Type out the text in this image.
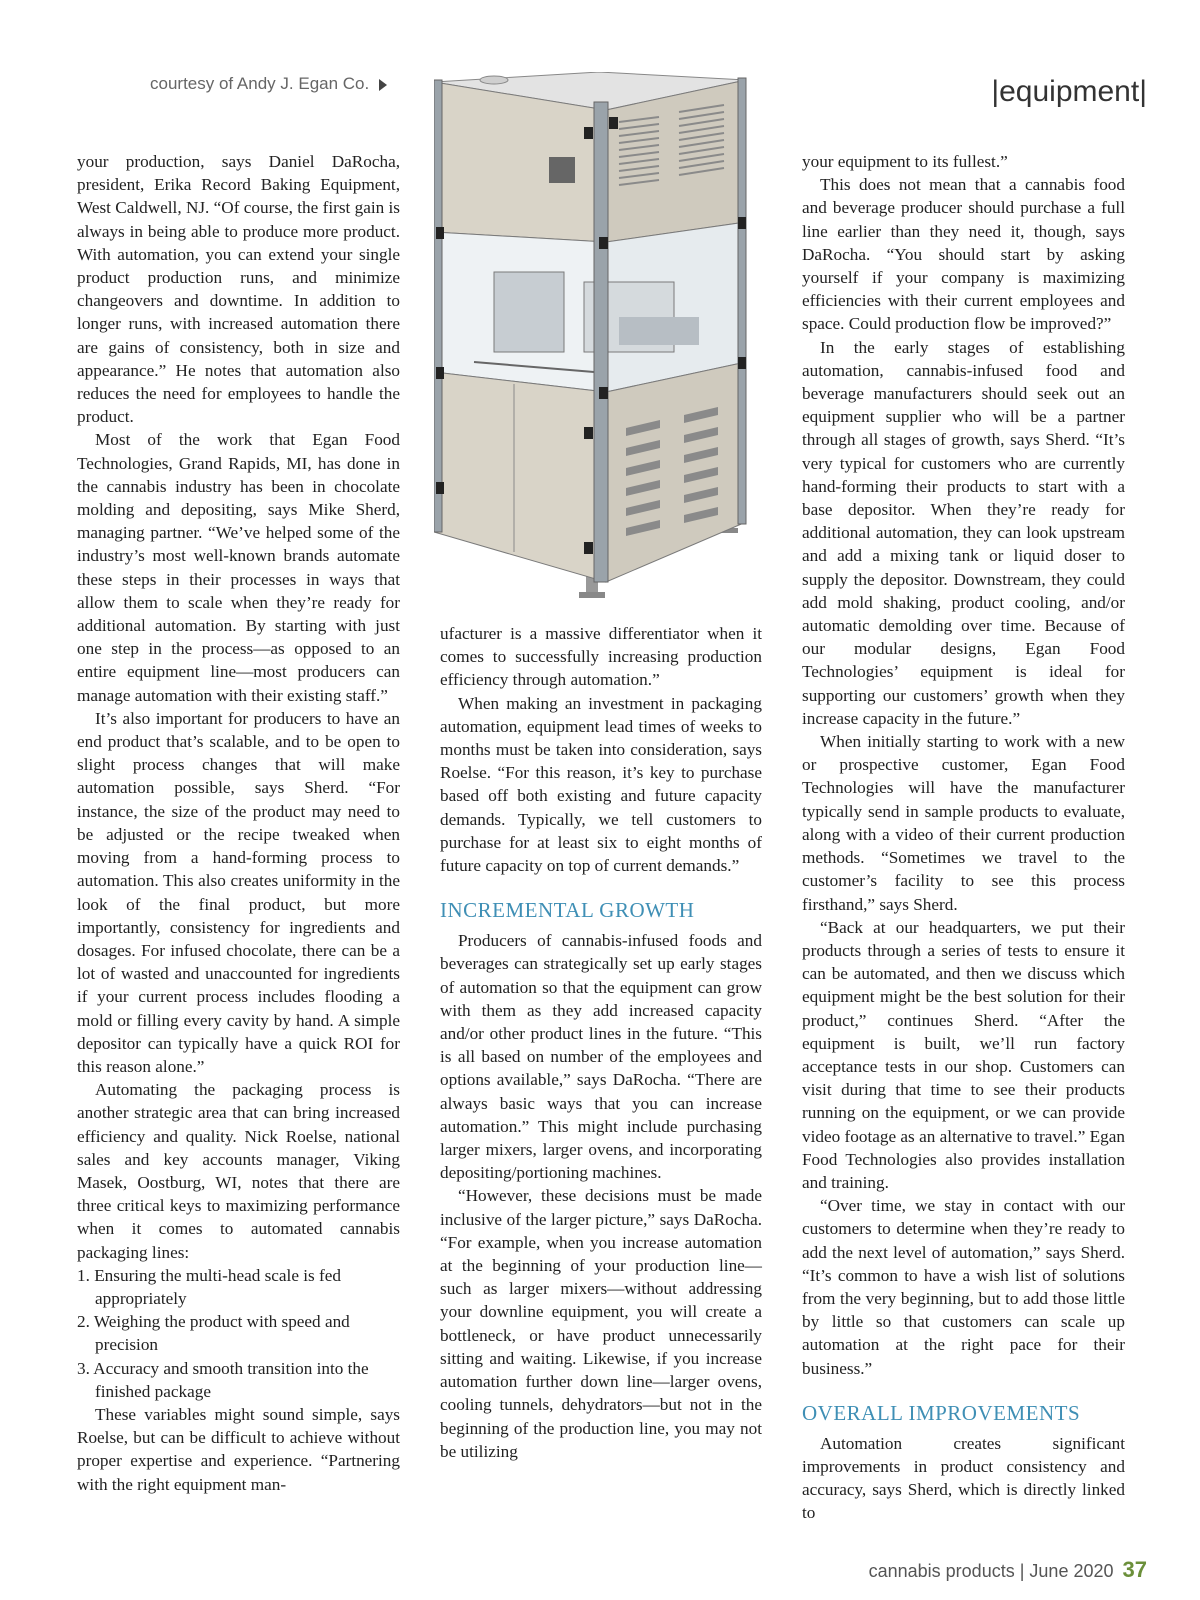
courtesy of Andy J. Egan Co.	|equipment|

your production, says Daniel DaRocha, president, Erika Record Baking Equipment, West Caldwell, NJ. “Of course, the first gain is always in being able to produce more product. With automation, you can extend your single product production runs, and minimize changeovers and downtime. In addition to longer runs, with increased automation there are gains of consistency, both in size and appearance.” He notes that automation also reduces the need for employees to handle the product.

Most of the work that Egan Food Technologies, Grand Rapids, MI, has done in the cannabis industry has been in chocolate molding and depositing, says Mike Sherd, managing partner. “We’ve helped some of the industry’s most well-known brands automate these steps in their processes in ways that allow them to scale when they’re ready for additional automation. By starting with just one step in the process—as opposed to an entire equipment line—most producers can manage automation with their existing staff.”

It’s also important for producers to have an end product that’s scalable, and to be open to slight process changes that will make automation possible, says Sherd. “For instance, the size of the product may need to be adjusted or the recipe tweaked when moving from a hand-forming process to automation. This also creates uniformity in the look of the final product, but more importantly, consistency for ingredients and dosages. For infused chocolate, there can be a lot of wasted and unaccounted for ingredients if your current process includes flooding a mold or filling every cavity by hand. A simple depositor can typically have a quick ROI for this reason alone.”

Automating the packaging process is another strategic area that can bring increased efficiency and quality. Nick Roelse, national sales and key accounts manager, Viking Masek, Oostburg, WI, notes that there are three critical keys to maximizing performance when it comes to automated cannabis packaging lines:

1. Ensuring the multi-head scale is fed appropriately
2. Weighing the product with speed and precision
3. Accuracy and smooth transition into the finished package

These variables might sound simple, says Roelse, but can be difficult to achieve without proper expertise and experience. “Partnering with the right equipment man-

ufacturer is a massive differentiator when it comes to successfully increasing production efficiency through automation.”

When making an investment in packaging automation, equipment lead times of weeks to months must be taken into consideration, says Roelse. “For this reason, it’s key to purchase based off both existing and future capacity demands. Typically, we tell customers to purchase for at least six to eight months of future capacity on top of current demands.”

INCREMENTAL GROWTH

Producers of cannabis-infused foods and beverages can strategically set up early stages of automation so that the equipment can grow with them as they add increased capacity and/or other product lines in the future. “This is all based on number of the employees and options available,” says DaRocha. “There are always basic ways that you can increase automation.” This might include purchasing larger mixers, larger ovens, and incorporating depositing/portioning machines.

“However, these decisions must be made inclusive of the larger picture,” says DaRocha. “For example, when you increase automation at the beginning of your production line—such as larger mixers—without addressing your downline equipment, you will create a bottleneck, or have product unnecessarily sitting and waiting. Likewise, if you increase automation further down line—larger ovens, cooling tunnels, dehydrators—but not in the beginning of the production line, you may not be utilizing

your equipment to its fullest.”

This does not mean that a cannabis food and beverage producer should purchase a full line earlier than they need it, though, says DaRocha. “You should start by asking yourself if your company is maximizing efficiencies with their current employees and space. Could production flow be improved?”

In the early stages of establishing automation, cannabis-infused food and beverage manufacturers should seek out an equipment supplier who will be a partner through all stages of growth, says Sherd. “It’s very typical for customers who are currently hand-forming their products to start with a base depositor. When they’re ready for additional automation, they can look upstream and add a mixing tank or liquid doser to supply the depositor. Downstream, they could add mold shaking, product cooling, and/or automatic demolding over time. Because of our modular designs, Egan Food Technologies’ equipment is ideal for supporting our customers’ growth when they increase capacity in the future.”

When initially starting to work with a new or prospective customer, Egan Food Technologies will have the manufacturer typically send in sample products to evaluate, along with a video of their current production methods. “Sometimes we travel to the customer’s facility to see this process firsthand,” says Sherd.

“Back at our headquarters, we put their products through a series of tests to ensure it can be automated, and then we discuss which equipment might be the best solution for their product,” continues Sherd. “After the equipment is built, we’ll run factory acceptance tests in our shop. Customers can visit during that time to see their products running on the equipment, or we can provide video footage as an alternative to travel.” Egan Food Technologies also provides installation and training.

“Over time, we stay in contact with our customers to determine when they’re ready to add the next level of automation,” says Sherd. “It’s common to have a wish list of solutions from the very beginning, but to add those little by little so that customers can scale up automation at the right pace for their business.”

OVERALL IMPROVEMENTS

Automation creates significant improvements in product consistency and accuracy, says Sherd, which is directly linked to

cannabis products | June 2020 37
